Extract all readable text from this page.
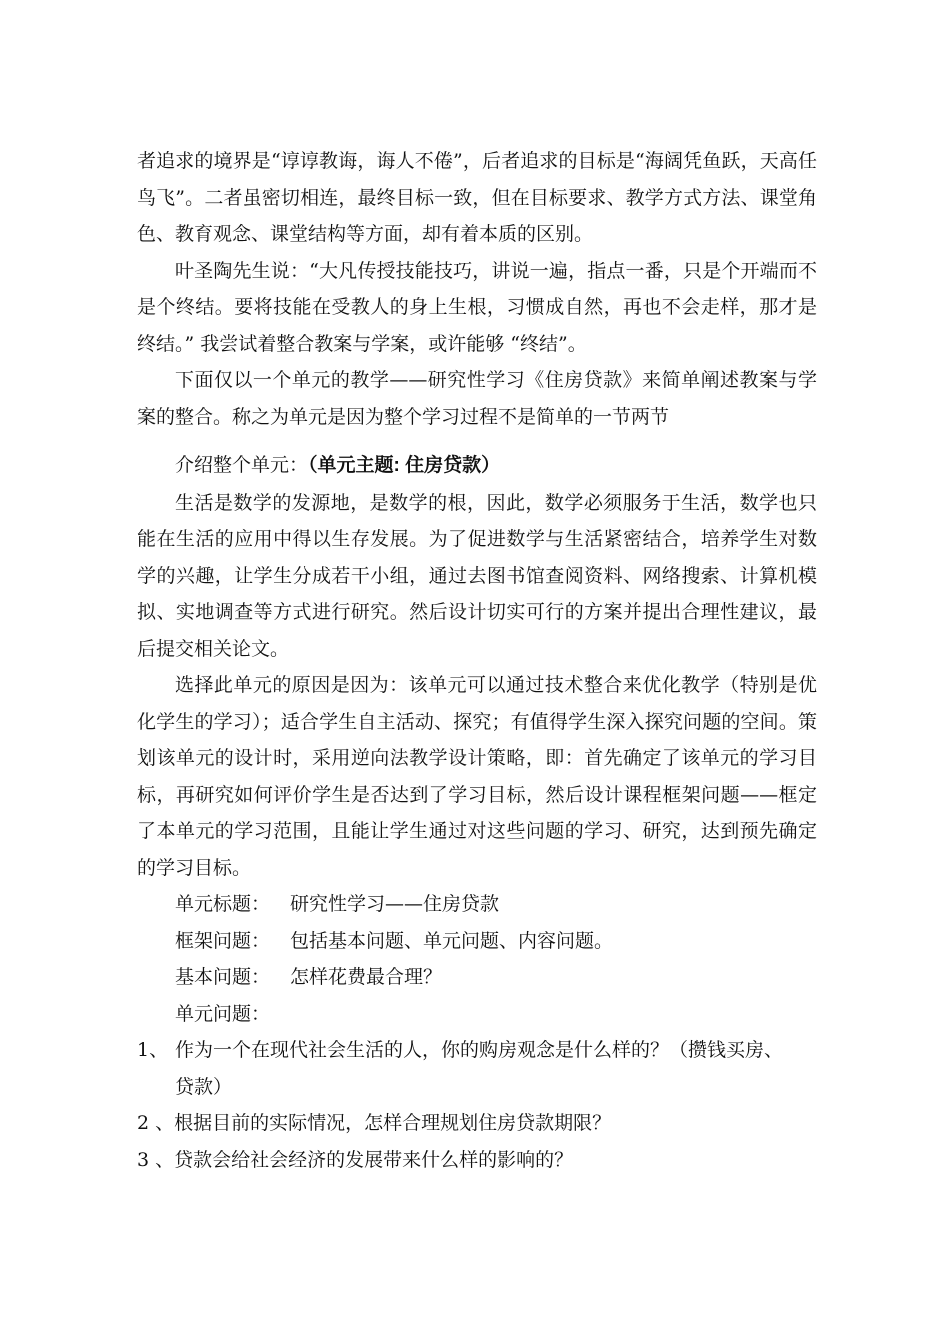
者追求的境界是“谆谆教诲，诲人不倦”，后者追求的目标是“海阔凭鱼跃，天高任鸟飞”。二者虽密切相连，最终目标一致，但在目标要求、教学方式方法、课堂角色、教育观念、课堂结构等方面，却有着本质的区别。

叶圣陶先生说：“大凡传授技能技巧，讲说一遍，指点一番，只是个开端而不是个终结。要将技能在受教人的身上生根，习惯成自然，再也不会走样，那才是终结。” 我尝试着整合教案与学案，或许能够 “终结”。

下面仅以一个单元的教学——研究性学习《住房贷款》来简单阐述教案与学案的整合。称之为单元是因为整个学习过程不是简单的一节两节

介绍整个单元：（单元主题: 住房贷款）

生活是数学的发源地，是数学的根，因此，数学必须服务于生活，数学也只能在生活的应用中得以生存发展。为了促进数学与生活紧密结合，培养学生对数学的兴趣，让学生分成若干小组，通过去图书馆查阅资料、网络搜索、计算机模拟、实地调查等方式进行研究。然后设计切实可行的方案并提出合理性建议，最后提交相关论文。

选择此单元的原因是因为：该单元可以通过技术整合来优化教学（特别是优化学生的学习）；适合学生自主活动、探究；有值得学生深入探究问题的空间。策划该单元的设计时，采用逆向法教学设计策略，即：首先确定了该单元的学习目标，再研究如何评价学生是否达到了学习目标，然后设计课程框架问题——框定了本单元的学习范围，且能让学生通过对这些问题的学习、研究，达到预先确定的学习目标。

单元标题：	研究性学习——住房贷款
框架问题：	包括基本问题、单元问题、内容问题。
基本问题：	怎样花费最合理？
单元问题：
1、 作为一个在现代社会生活的人，你的购房观念是什么样的？（攒钱买房、
贷款）
2 、 根据目前的实际情况，怎样合理规划住房贷款期限？
3 、 贷款会给社会经济的发展带来什么样的影响的？
